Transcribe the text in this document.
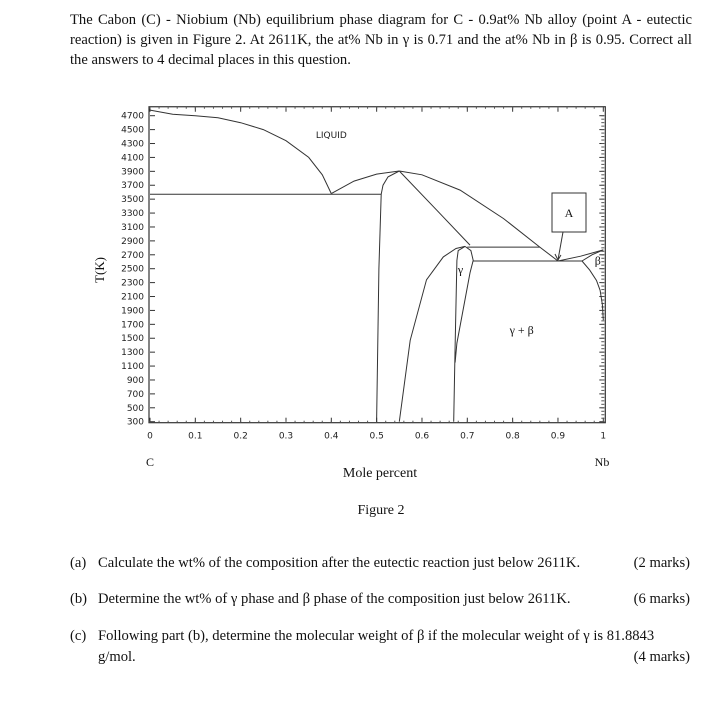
The Cabon (C) - Niobium (Nb) equilibrium phase diagram for C - 0.9at% Nb alloy (point A - eutectic reaction) is given in Figure 2. At 2611K, the at% Nb in γ is 0.71 and the at% Nb in β is 0.95. Correct all the answers to 4 decimal places in this question.
0	0.1	0.2	0.3	0.4	0.5	0.6	0.7	0.8	0.9	1
4700
4500
4300
4100
3900
3700
3500
3300
3100
2900
2700
2500
2300
2100
1900
1700
1500
1300
1100
900
700
500
300
LIQUID
γ
γ + β
β
A
T(K)
C	Nb
Mole percent
Figure 2
(a) Calculate the wt% of the composition after the eutectic reaction just below 2611K.	(2 marks)
(b) Determine the wt% of γ phase and β phase of the composition just below 2611K.	(6 marks)
(c) Following part (b), determine the molecular weight of β if the molecular weight of γ is 81.8843
g/mol.	(4 marks)
